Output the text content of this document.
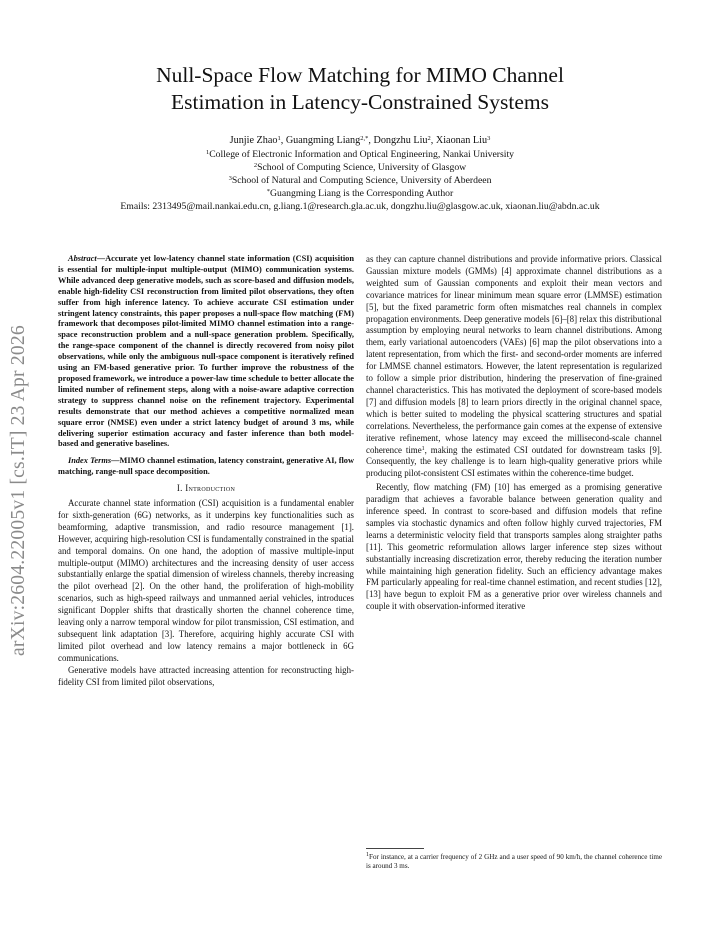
arXiv:2604.22005v1 [cs.IT] 23 Apr 2026
Null-Space Flow Matching for MIMO Channel
Estimation in Latency-Constrained Systems
Junjie Zhao$^1$, Guangming Liang$^{2,*}$, Dongzhu Liu$^2$, Xiaonan Liu$^3$
$^1$College of Electronic Information and Optical Engineering, Nankai University
$^2$School of Computing Science, University of Glasgow
$^3$School of Natural and Computing Science, University of Aberdeen
*Guangming Liang is the Corresponding Author
Emails: 2313495@mail.nankai.edu.cn, g.liang.1@research.gla.ac.uk, dongzhu.liu@glasgow.ac.uk, xiaonan.liu@abdn.ac.uk

Abstract—Accurate yet low-latency channel state information (CSI) acquisition is essential for multiple-input multiple-output (MIMO) communication systems. While advanced deep generative models, such as score-based and diffusion models, enable high-fidelity CSI reconstruction from limited pilot observations, they often suffer from high inference latency. To achieve accurate CSI estimation under stringent latency constraints, this paper proposes a null-space flow matching (FM) framework that decomposes pilot-limited MIMO channel estimation into a range-space reconstruction problem and a null-space generation problem. Specifically, the range-space component of the channel is directly recovered from noisy pilot observations, while only the ambiguous null-space component is iteratively refined using an FM-based generative prior. To further improve the robustness of the proposed framework, we introduce a power-law time schedule to better allocate the limited number of refinement steps, along with a noise-aware adaptive correction strategy to suppress channel noise on the refinement trajectory. Experimental results demonstrate that our method achieves a competitive normalized mean square error (NMSE) even under a strict latency budget of around 3 ms, while delivering superior estimation accuracy and faster inference than both model-based and generative baselines.

Index Terms—MIMO channel estimation, latency constraint, generative AI, flow matching, range-null space decomposition.

I. Introduction

Accurate channel state information (CSI) acquisition is a fundamental enabler for sixth-generation (6G) networks, as it underpins key functionalities such as beamforming, adaptive transmission, and radio resource management [1]. However, acquiring high-resolution CSI is fundamentally constrained in the spatial and temporal domains. On one hand, the adoption of massive multiple-input multiple-output (MIMO) architectures and the increasing density of user access substantially enlarge the spatial dimension of wireless channels, thereby increasing the pilot overhead [2]. On the other hand, the proliferation of high-mobility scenarios, such as high-speed railways and unmanned aerial vehicles, introduces significant Doppler shifts that drastically shorten the channel coherence time, leaving only a narrow temporal window for pilot transmission, CSI estimation, and subsequent link adaptation [3]. Therefore, acquiring highly accurate CSI with limited pilot overhead and low latency remains a major bottleneck in 6G communications.

Generative models have attracted increasing attention for reconstructing high-fidelity CSI from limited pilot observations,

as they can capture channel distributions and provide informative priors. Classical Gaussian mixture models (GMMs) [4] approximate channel distributions as a weighted sum of Gaussian components and exploit their mean vectors and covariance matrices for linear minimum mean square error (LMMSE) estimation [5], but the fixed parametric form often mismatches real channels in complex propagation environments. Deep generative models [6]–[8] relax this distributional assumption by employing neural networks to learn channel distributions. Among them, early variational autoencoders (VAEs) [6] map the pilot observations into a latent representation, from which the first- and second-order moments are inferred for LMMSE channel estimators. However, the latent representation is regularized to follow a simple prior distribution, hindering the preservation of fine-grained channel characteristics. This has motivated the deployment of score-based models [7] and diffusion models [8] to learn priors directly in the original channel space, which is better suited to modeling the physical scattering structures and spatial correlations. Nevertheless, the performance gain comes at the expense of extensive iterative refinement, whose latency may exceed the millisecond-scale channel coherence time$^1$, making the estimated CSI outdated for downstream tasks [9]. Consequently, the key challenge is to learn high-quality generative priors while producing pilot-consistent CSI estimates within the coherence-time budget.

Recently, flow matching (FM) [10] has emerged as a promising generative paradigm that achieves a favorable balance between generation quality and inference speed. In contrast to score-based and diffusion models that refine samples via stochastic dynamics and often follow highly curved trajectories, FM learns a deterministic velocity field that transports samples along straighter paths [11]. This geometric reformulation allows larger inference step sizes without substantially increasing discretization error, thereby reducing the iteration number while maintaining high generation fidelity. Such an efficiency advantage makes FM particularly appealing for real-time channel estimation, and recent studies [12], [13] have begun to exploit FM as a generative prior over wireless channels and couple it with observation-informed iterative

$^1$For instance, at a carrier frequency of 2 GHz and a user speed of 90 km/h, the channel coherence time is around 3 ms.
